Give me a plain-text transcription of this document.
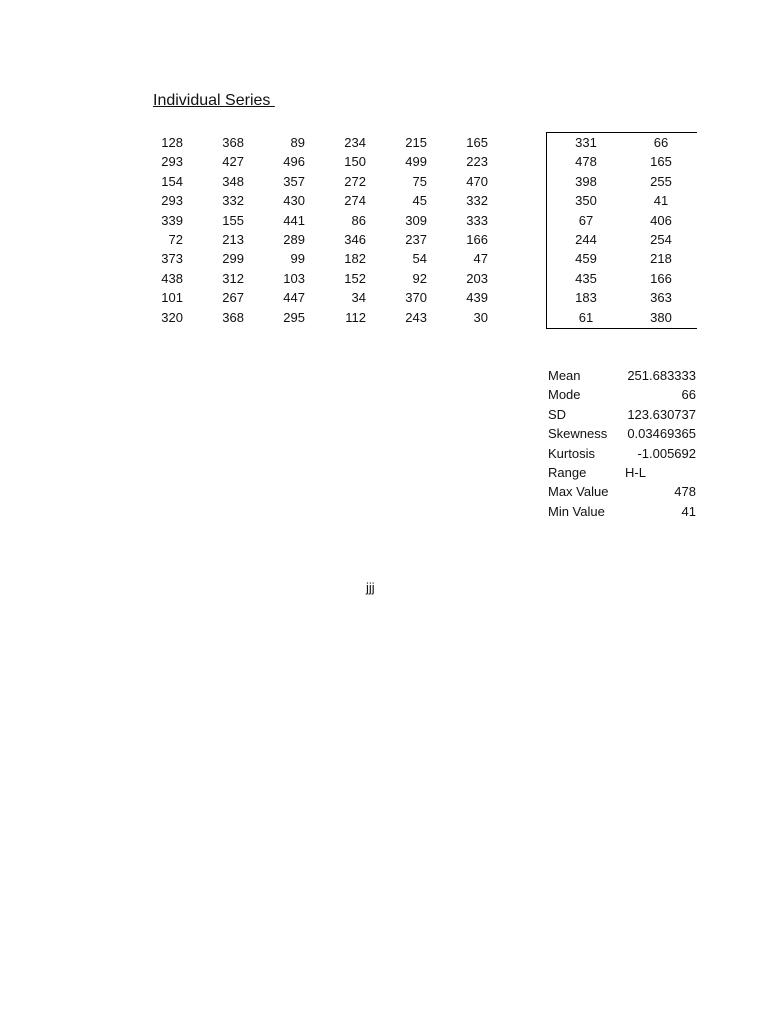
Individual Series
128	368	89	234	215	165
293	427	496	150	499	223
154	348	357	272	75	470
293	332	430	274	45	332
339	155	441	86	309	333
72	213	289	346	237	166
373	299	99	182	54	47
438	312	103	152	92	203
101	267	447	34	370	439
320	368	295	112	243	30
331	66
478	165
398	255
350	41
67	406
244	254
459	218
435	166
183	363
61	380
Mean	251.683333
Mode	66
SD	123.630737
Skewness	0.03469365
Kurtosis	-1.005692
Range	H-L
Max Value	478
Min Value	41
jjj
